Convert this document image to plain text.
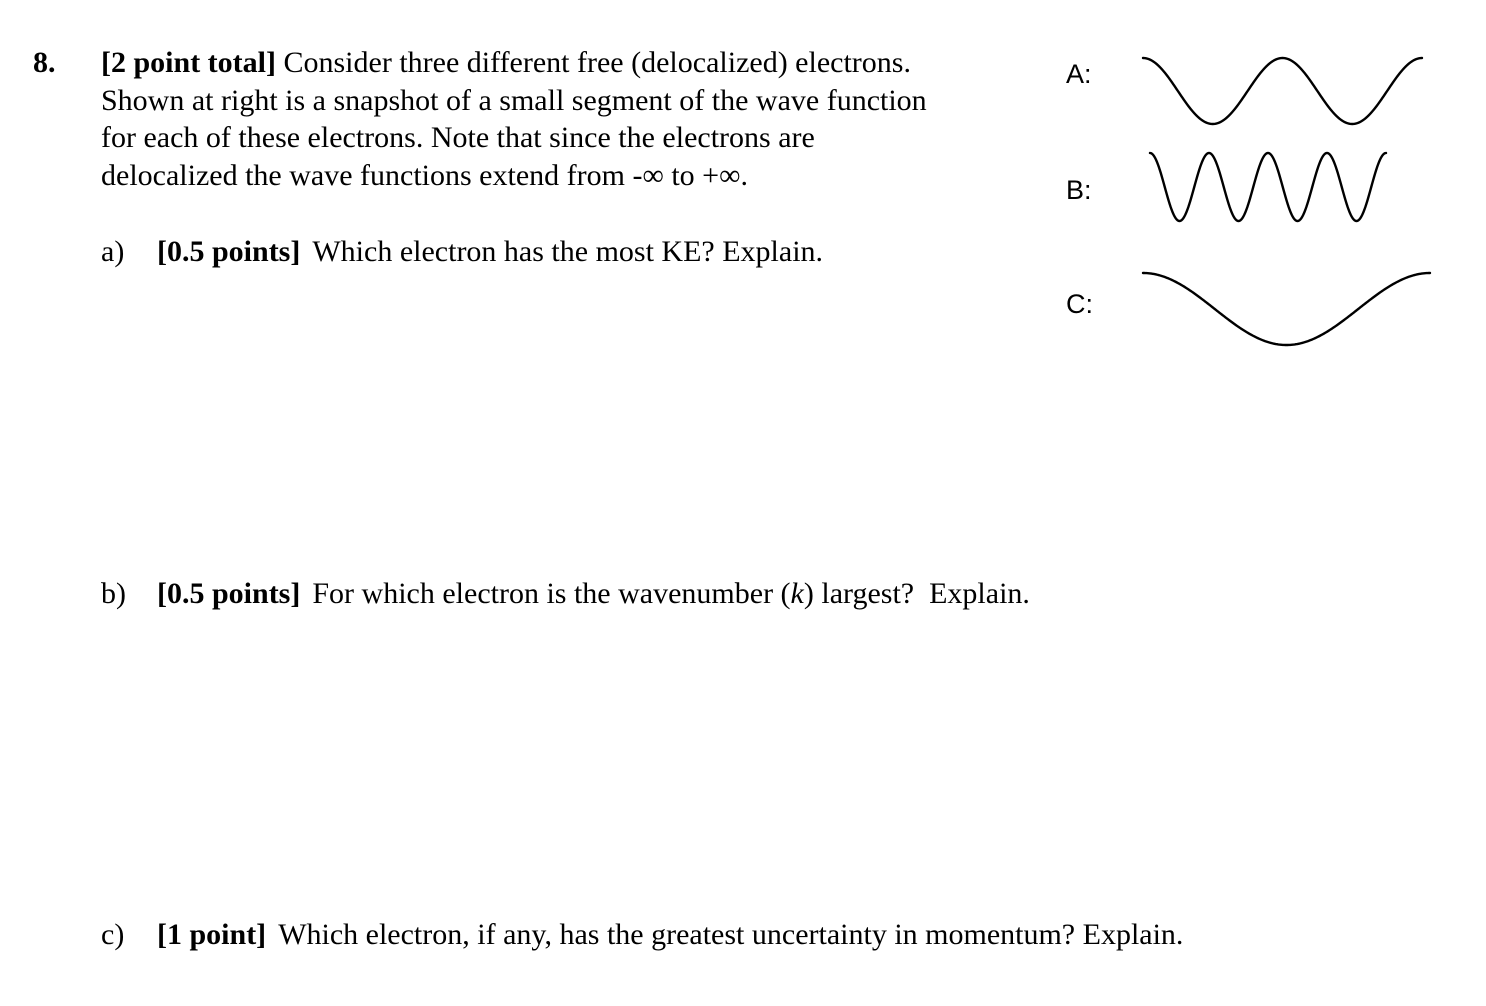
8. [2 point total] Consider three different free (delocalized) electrons.
Shown at right is a snapshot of a small segment of the wave function
for each of these electrons. Note that since the electrons are
delocalized the wave functions extend from -∞ to +∞.
a) [0.5 points] Which electron has the most KE? Explain.
b) [0.5 points] For which electron is the wavenumber (k) largest?  Explain.
c) [1 point] Which electron, if any, has the greatest uncertainty in momentum? Explain.
A:
B:
C:
